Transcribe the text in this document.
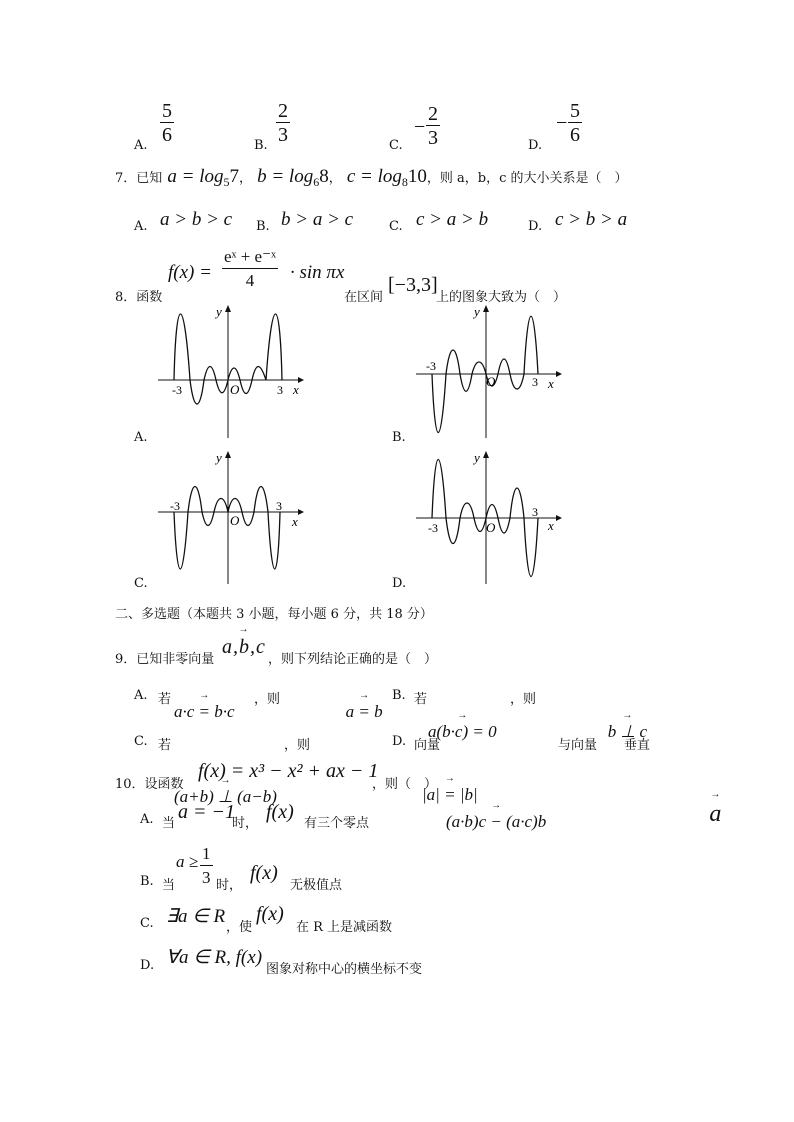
A. $\frac{5}{6}$	B. $\frac{2}{3}$	C.
− $\frac{2}{3}$	D.
− $\frac{5}{6}$
7．已知 $a = \log_57$， $b = \log_68$， $c = \log_810$，则 a，b，c 的大小关系是（　）
A. a > b > c B. b > a > c	C. c > a > b	D. c > b > a
8．函数
$f(x) = \frac{\text{eˣ + e⁻ˣ}}{4} \cdot \sin \pi x$
在区间
[−3,3]
上的图象大致为（　）
-3	O	3 x
y
A.
-3
O	3 x
y
B.
-3
O
3
x
y
C.
-3	O
3
x
y
D.
二、多选题（本题共 3 小题，每小题 6 分，共 18 分）
9．已知非零向量
→ a,b,c
，则下列结论正确的是（　）
A. 若
→ a·c = b·c
，则
→ a = b
B. 若
→ a(b·c) = 0
，则
→ b ⊥ c
C. 若
→ (a+b) ⊥ (a−b)
，则
→ |a| = |b|
D. 向量
→ (a·b)c − (a·c)b
与向量
→ a
垂直
10．设函数
f(x) = x³ − x² + ax − 1
，则（　）
A. 当
a = −1
时，
f(x)
有三个零点
B. 当
$a \ge \frac{1}{3}$ 时，
f(x)
无极值点
C. ∃a ∈ R
，使
f(x)
在 R 上是减函数
D. ∀a ∈ R, f(x)
图象对称中心的横坐标不变
